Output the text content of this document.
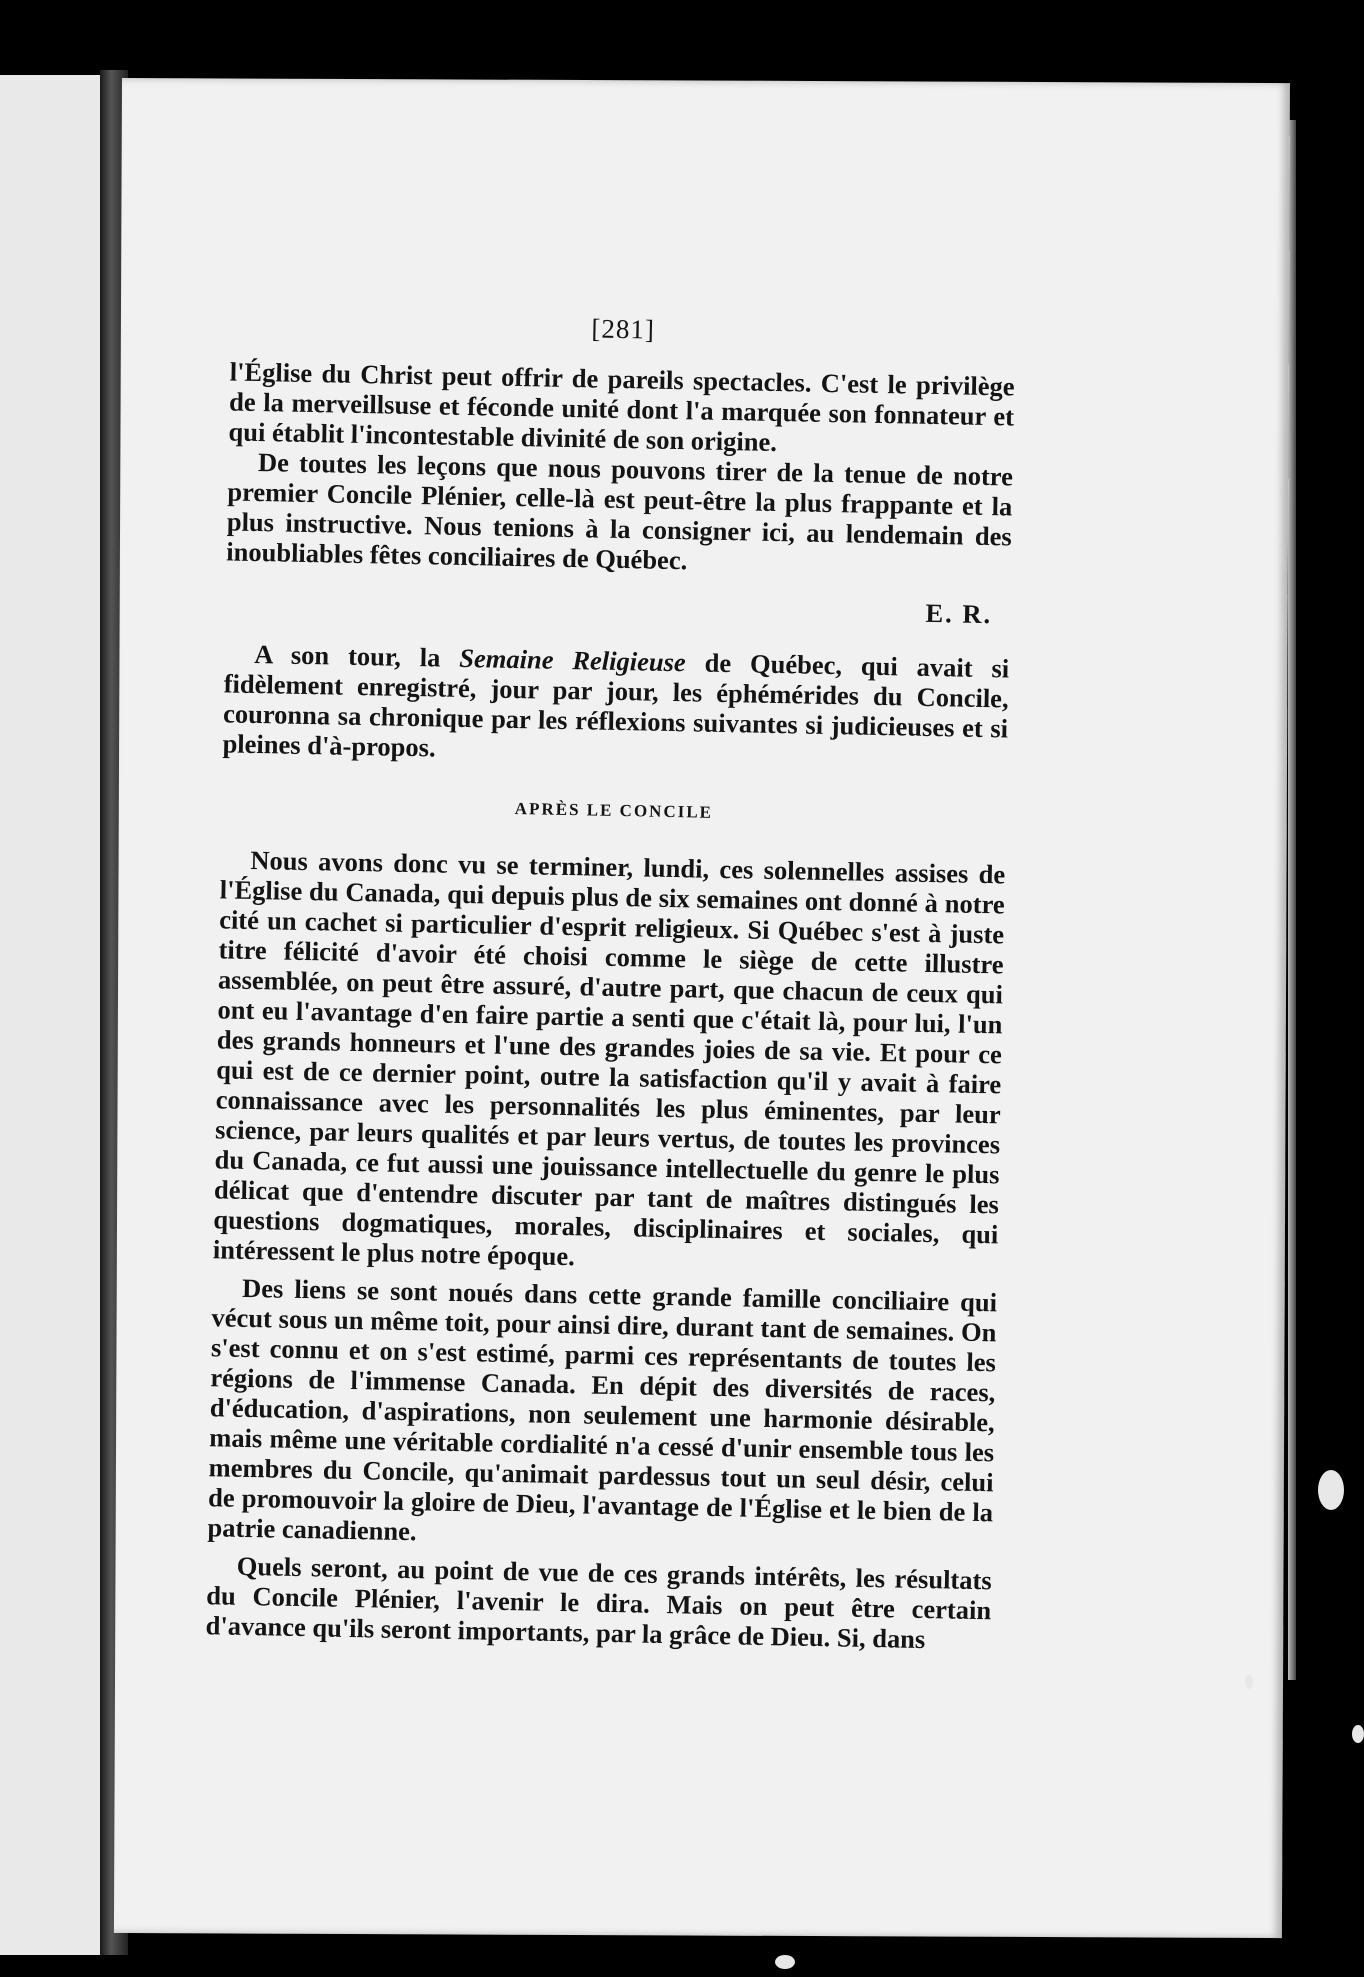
[281]

l'Église du Christ peut offrir de pareils spectacles. C'est le privilège de la merveillsuse et féconde unité dont l'a marquée son fonnateur et qui établit l'incontestable divinité de son origine.

De toutes les leçons que nous pouvons tirer de la tenue de notre premier Concile Plénier, celle-là est peut-être la plus frappante et la plus instructive. Nous tenions à la consigner ici, au lendemain des inoubliables fêtes conciliaires de Québec.

E. R.

A son tour, la Semaine Religieuse de Québec, qui avait si fidèlement enregistré, jour par jour, les éphémérides du Concile, couronna sa chronique par les réflexions suivantes si judicieuses et si pleines d'à-propos.

APRÈS LE CONCILE

Nous avons donc vu se terminer, lundi, ces solennelles assises de l'Église du Canada, qui depuis plus de six semaines ont donné à notre cité un cachet si particulier d'esprit religieux. Si Québec s'est à juste titre félicité d'avoir été choisi comme le siège de cette illustre assemblée, on peut être assuré, d'autre part, que chacun de ceux qui ont eu l'avantage d'en faire partie a senti que c'était là, pour lui, l'un des grands honneurs et l'une des grandes joies de sa vie. Et pour ce qui est de ce dernier point, outre la satisfaction qu'il y avait à faire connaissance avec les personnalités les plus éminentes, par leur science, par leurs qualités et par leurs vertus, de toutes les provinces du Canada, ce fut aussi une jouissance intellectuelle du genre le plus délicat que d'entendre discuter par tant de maîtres distingués les questions dogmatiques, morales, disciplinaires et sociales, qui intéressent le plus notre époque.

Des liens se sont noués dans cette grande famille conciliaire qui vécut sous un même toit, pour ainsi dire, durant tant de semaines. On s'est connu et on s'est estimé, parmi ces représentants de toutes les régions de l'immense Canada. En dépit des diversités de races, d'éducation, d'aspirations, non seulement une harmonie désirable, mais même une véritable cordialité n'a cessé d'unir ensemble tous les membres du Concile, qu'animait pardessus tout un seul désir, celui de promouvoir la gloire de Dieu, l'avantage de l'Église et le bien de la patrie canadienne.

Quels seront, au point de vue de ces grands intérêts, les résultats du Concile Plénier, l'avenir le dira. Mais on peut être certain d'avance qu'ils seront importants, par la grâce de Dieu. Si, dans
